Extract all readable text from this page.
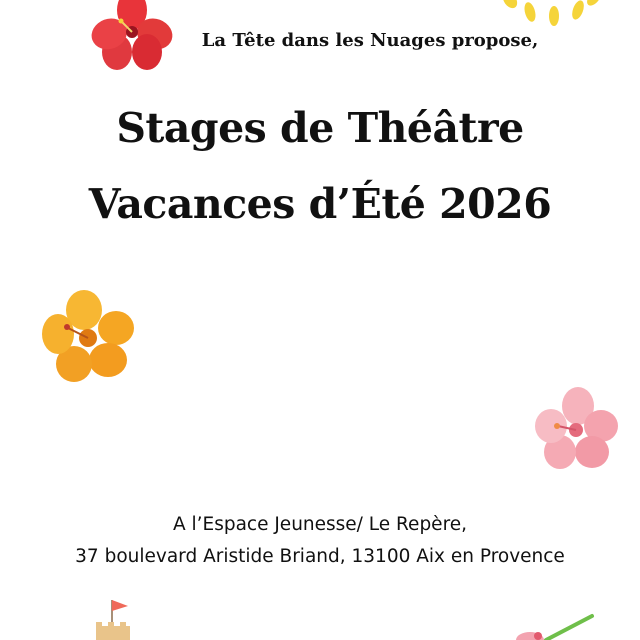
La Tête dans les Nuages propose,
Stages de Théâtre
Vacances d’Été 2026
A l’Espace Jeunesse/ Le Repère,
37 boulevard Aristide Briand, 13100 Aix en Provence
